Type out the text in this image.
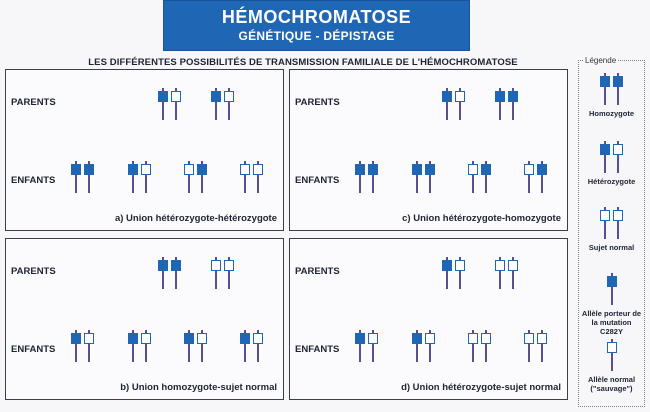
HÉMOCHROMATOSE
GÉNÉTIQUE - DÉPISTAGE
LES DIFFÉRENTES POSSIBILITÉS DE TRANSMISSION FAMILIALE DE L'HÉMOCHROMATOSE
PARENTS
ENFANTS
a) Union hétérozygote-hétérozygote
PARENTS
ENFANTS
c) Union hétérozygote-homozygote
PARENTS
ENFANTS
b) Union homozygote-sujet normal
PARENTS
ENFANTS
d) Union hétérozygote-sujet normal
Légende
Homozygote
Hétérozygote
Sujet normal
Allèle porteur de la mutation C282Y
Allèle normal ("sauvage")
